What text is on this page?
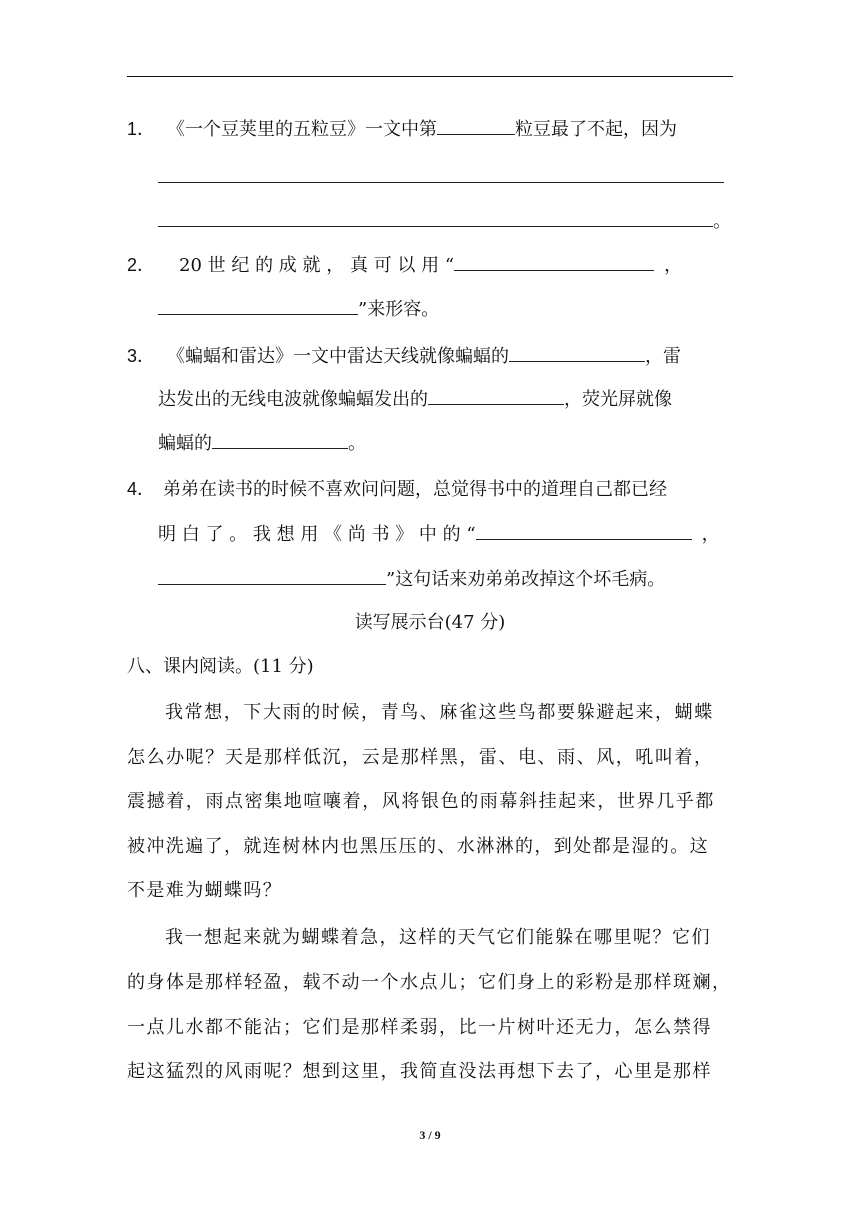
1． 《一个豆荚里的五粒豆》一文中第	粒豆最了不起，因为
。
2． 20 世 纪 的 成 就 ， 真 可 以 用 “	，
”来形容。
3． 《蝙蝠和雷达》一文中雷达天线就像蝙蝠的	，雷
达发出的无线电波就像蝙蝠发出的	，荧光屏就像
蝙蝠的	。
4． 弟弟在读书的时候不喜欢问问题，总觉得书中的道理自己都已经
明 白 了 。 我 想 用 《 尚 书 》 中 的 “	，
”这句话来劝弟弟改掉这个坏毛病。
读写展示台(47 分)
八、课内阅读。(11 分)
我常想，下大雨的时候，青鸟、麻雀这些鸟都要躲避起来，蝴蝶
怎么办呢？天是那样低沉，云是那样黑，雷、电、雨、风，吼叫着，
震撼着，雨点密集地喧嚷着，风将银色的雨幕斜挂起来，世界几乎都
被冲洗遍了，就连树林内也黑压压的、水淋淋的，到处都是湿的。这
不是难为蝴蝶吗？
我一想起来就为蝴蝶着急，这样的天气它们能躲在哪里呢？它们
的身体是那样轻盈，载不动一个水点儿；它们身上的彩粉是那样斑斓，
一点儿水都不能沾；它们是那样柔弱，比一片树叶还无力，怎么禁得
起这猛烈的风雨呢？想到这里，我简直没法再想下去了，心里是那样
3 / 9
